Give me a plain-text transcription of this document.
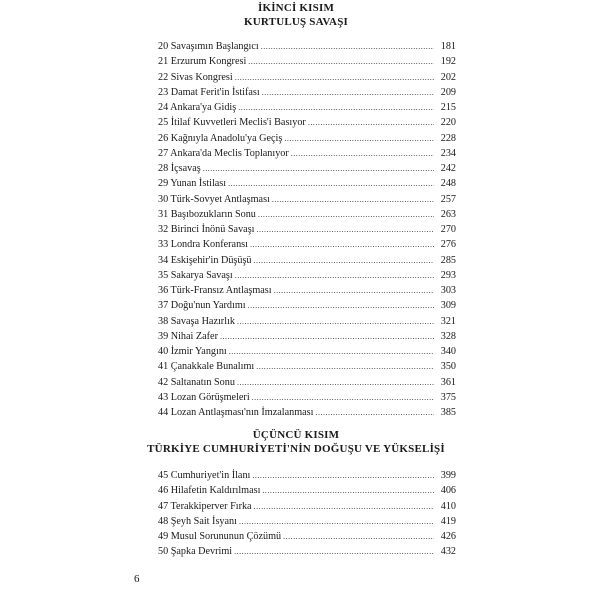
İKİNCİ KISIM
KURTULUŞ SAVAŞI
20 Savaşımın Başlangıcı .....	181
21 Erzurum Kongresi .....	192
22 Sivas Kongresi .....	202
23 Damat Ferit'in İstifası .....	209
24 Ankara'ya Gidiş .....	215
25 İtilaf Kuvvetleri Meclis'i Basıyor .....	220
26 Kağnıyla Anadolu'ya Geçiş .....	228
27 Ankara'da Meclis Toplanıyor .....	234
28 İçsavaş .....	242
29 Yunan İstilası .....	248
30 Türk-Sovyet Antlaşması .....	257
31 Başıbozukların Sonu .....	263
32 Birinci İnönü Savaşı .....	270
33 Londra Konferansı .....	276
34 Eskişehir'in Düşüşü .....	285
35 Sakarya Savaşı .....	293
36 Türk-Fransız Antlaşması .....	303
37 Doğu'nun Yardımı .....	309
38 Savaşa Hazırlık .....	321
39 Nihai Zafer .....	328
40 İzmir Yangını .....	340
41 Çanakkale Bunalımı .....	350
42 Saltanatın Sonu .....	361
43 Lozan Görüşmeleri .....	375
44 Lozan Antlaşması'nın İmzalanması .....	385
ÜÇÜNCÜ KISIM
TÜRKİYE CUMHURİYETİ'NİN DOĞUŞU VE YÜKSELİŞİ
45 Cumhuriyet'in İlanı .....	399
46 Hilafetin Kaldırılması .....	406
47 Terakkiperver Fırka .....	410
48 Şeyh Sait İsyanı .....	419
49 Musul Sorununun Çözümü .....	426
50 Şapka Devrimi .....	432
6
